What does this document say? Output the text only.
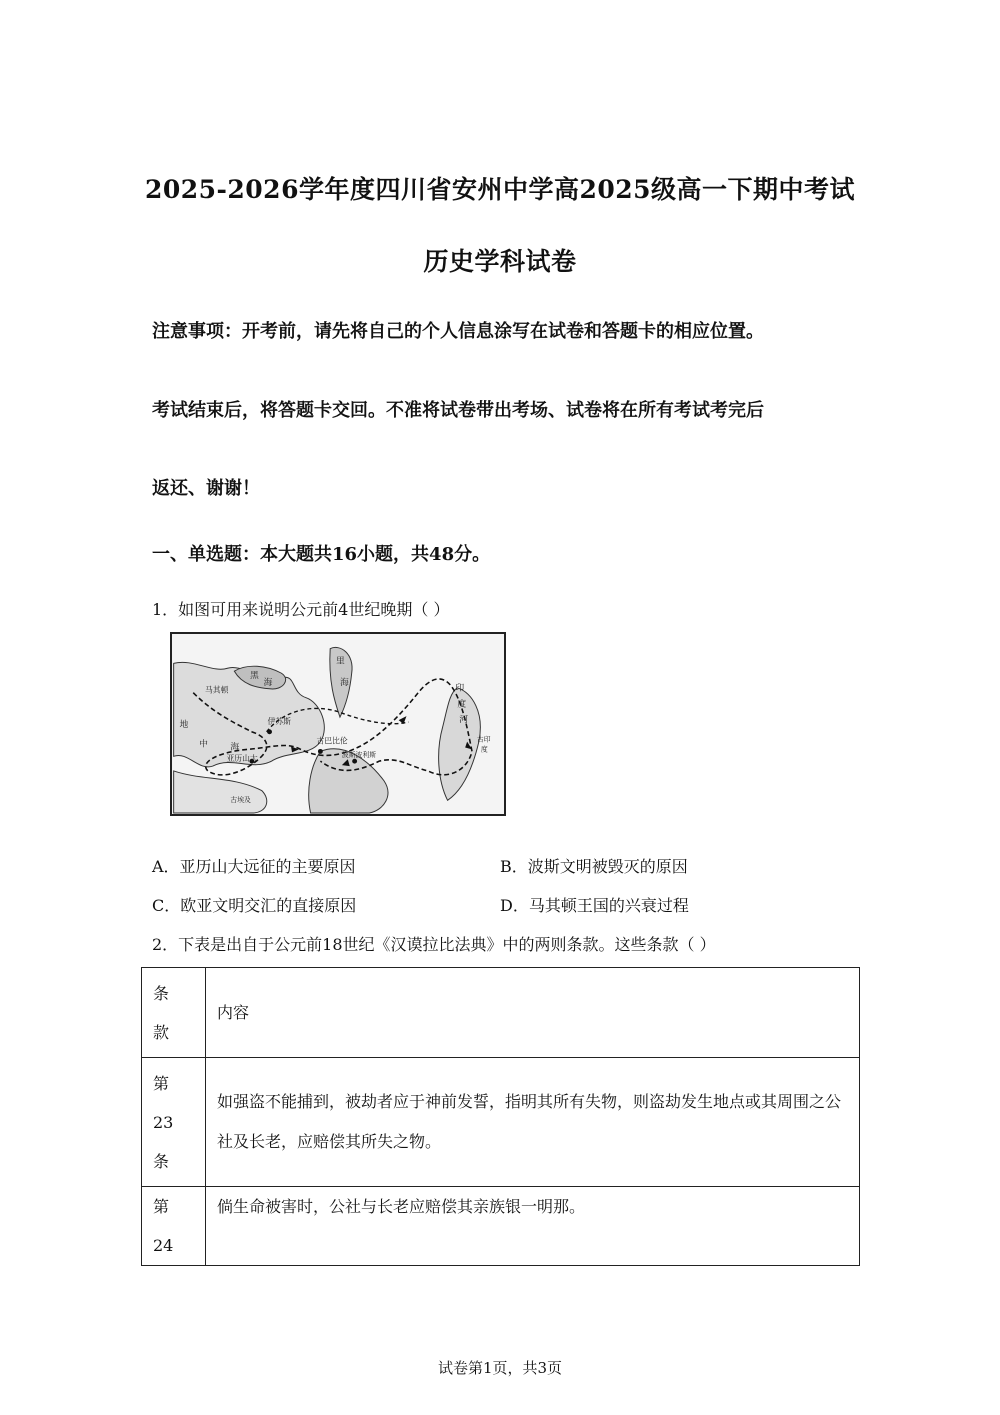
2025-2026学年度四川省安州中学高2025级高一下期中考试
历史学科试卷
注意事项：开考前，请先将自己的个人信息涂写在试卷和答题卡的相应位置。
考试结束后，将答题卡交回。不准将试卷带出考场、试卷将在所有考试考完后
返还、谢谢！
一、单选题：本大题共16小题，共48分。
1．如图可用来说明公元前4世纪晚期（ ）
黑
海
里
海
马其顿
地
中 海
伊苏斯
古巴比伦
波斯波利斯
亚历山大
古埃及
印
度
河
古印
度
A．亚历山大远征的主要原因	B．波斯文明被毁灭的原因
C．欧亚文明交汇的直接原因	D．马其顿王国的兴衰过程
2．下表是出自于公元前18世纪《汉谟拉比法典》中的两则条款。这些条款（ ）
条
款	内容
第
23
条	如强盗不能捕到，被劫者应于神前发誓，指明其所有失物，则盗劫发生地点或其周围之公社及长老，应赔偿其所失之物。
第
24	倘生命被害时，公社与长老应赔偿其亲族银一明那。
试卷第1页，共3页
